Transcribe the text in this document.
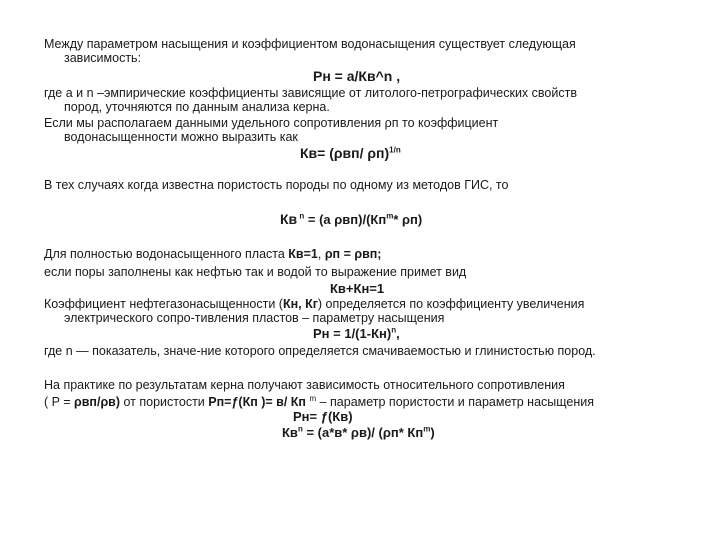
Между параметром насыщения и коэффициентом водонасыщения существует следующая
зависимость:
Pн = a/Кв^n ,
где a и n –эмпирические коэффициенты зависящие от литолого-петрографических свойств
пород, уточняются по данным анализа керна.
Если мы располагаем данными удельного сопротивления ρп то коэффициент
водонасыщенности можно выразить как
Кв= (ρвп/ ρп)$^{1/n}$
В тех случаях когда известна пористость породы по одному из методов ГИС, то
Кв $^n$ = (a $\rho вп)/(Кп^m*$ ρп)
Для полностью водонасыщенного пласта Кв=1, ρп = ρвп;
если поры заполнены как нефтью так и водой то выражение примет вид
Кв+Кн=1
Коэффициент нефтегазонасыщенности (Кн, Кг) определяется по коэффициенту увеличения
электрического сопро-тивления пластов – параметру насыщения
Pн = $1/(1-Кн)^n$,
где n — показатель, значе-ние которого определяется смачиваемостью и глинистостью пород.
На практике по результатам керна получают зависимость относительного сопротивления
( P = ρвп/ρв) от пористости Pп=ƒ(Кп )= в/ Кп $^m$ – параметр пористости и параметр насыщения
Pн= ƒ(Кв)
$Кв^n = (a*в*$ ρв)/ (ρп* $Кп^m$)
